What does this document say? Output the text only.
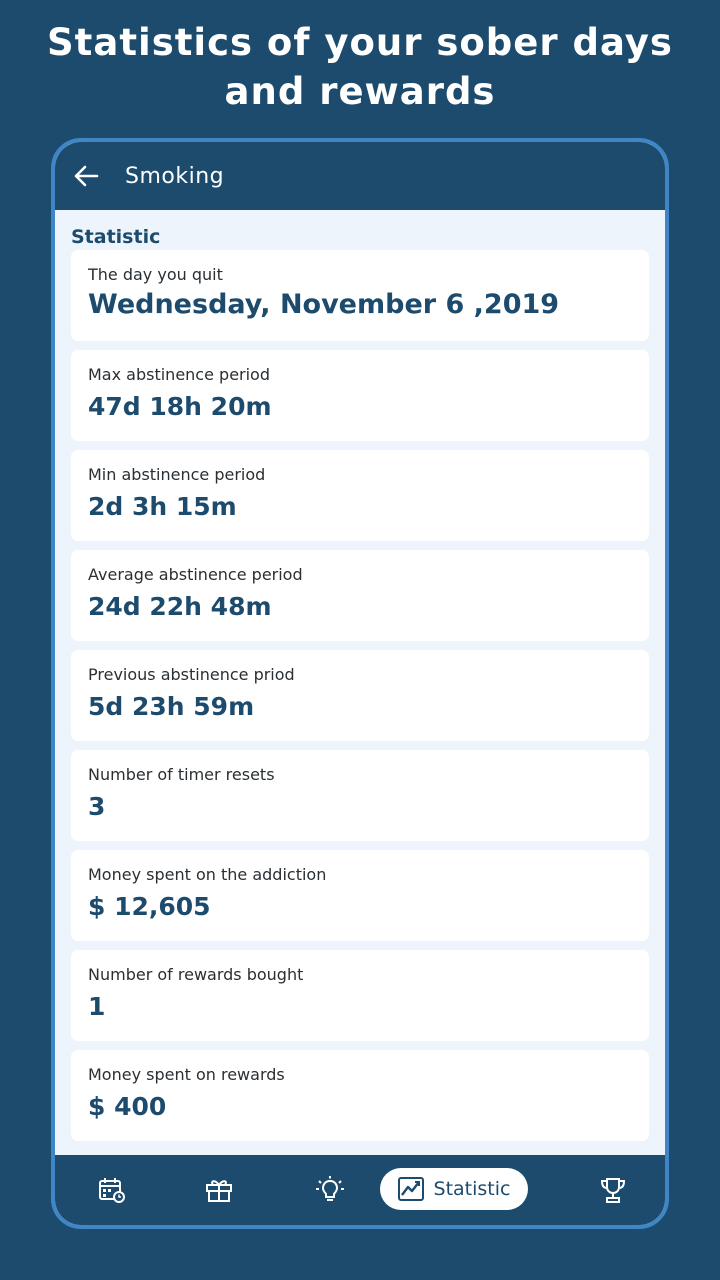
Statistics of your sober days
and rewards
Smoking
Statistic
The day you quit
Wednesday, November 6 ,2019
Max abstinence period
47d 18h 20m
Min abstinence period
2d 3h 15m
Average abstinence period
24d 22h 48m
Previous abstinence priod
5d 23h 59m
Number of timer resets
3
Money spent on the addiction
$ 12,605
Number of rewards bought
1
Money spent on rewards
$ 400
Statistic
